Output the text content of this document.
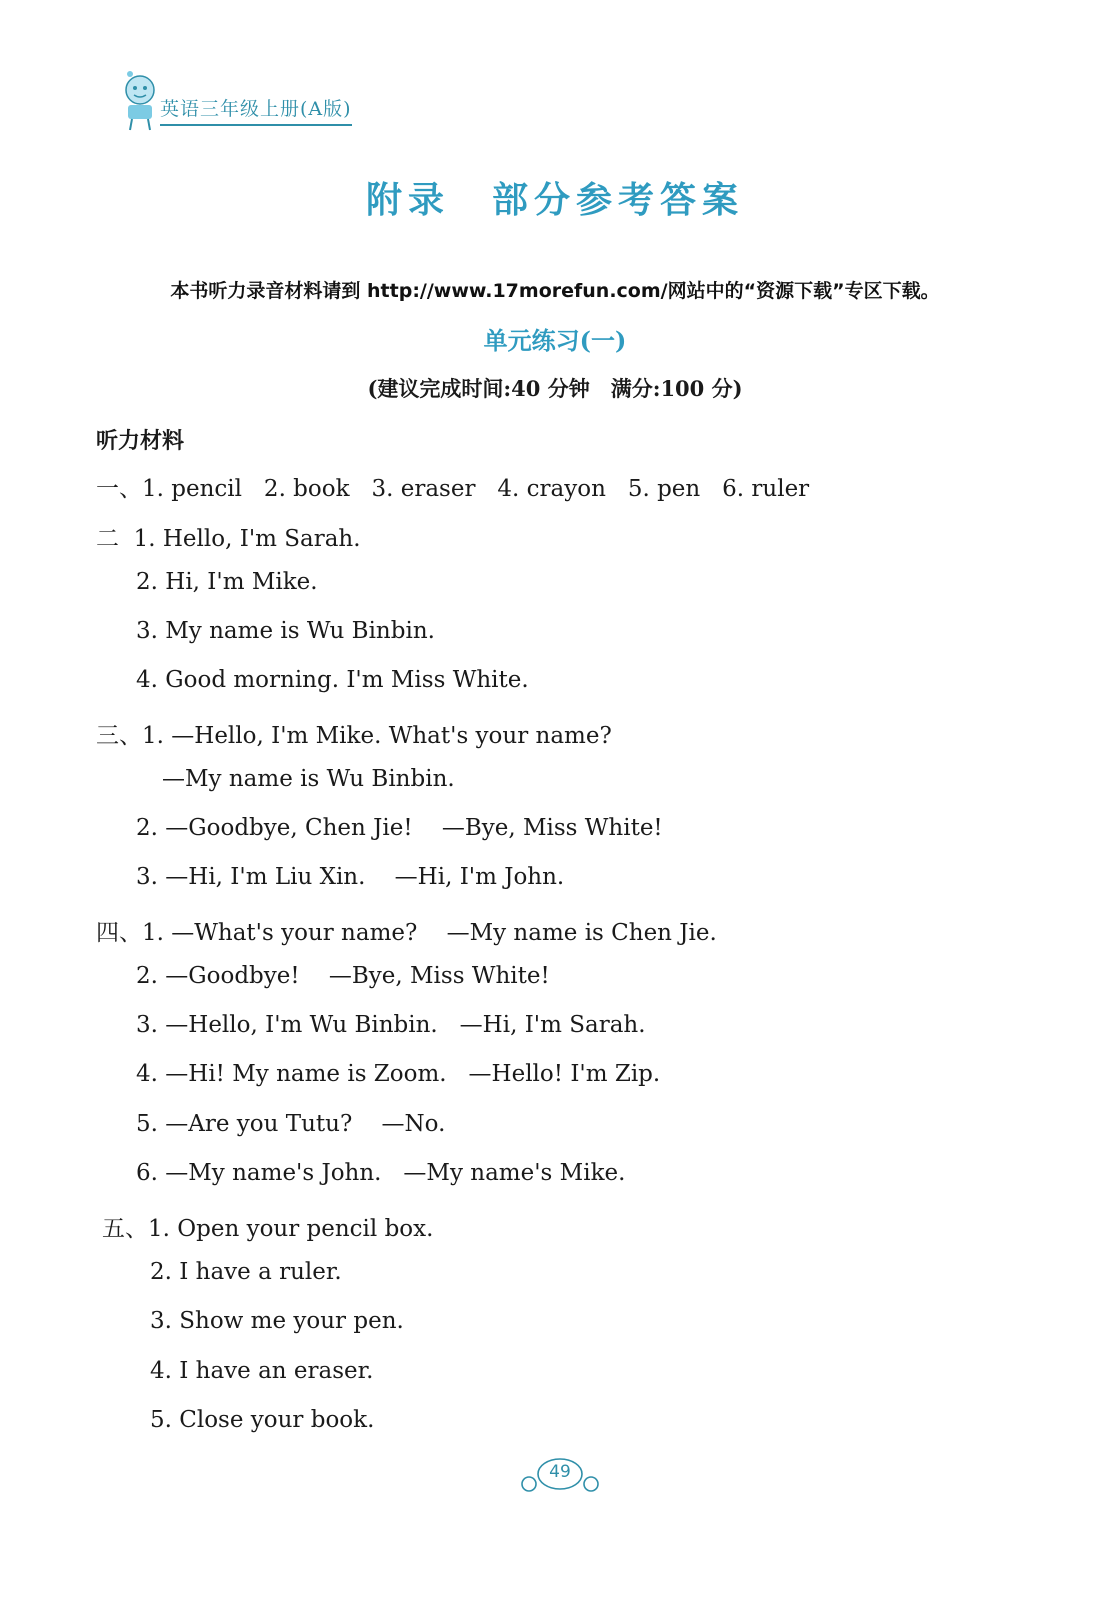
英语三年级上册(A版)
附录　部分参考答案
本书听力录音材料请到 http://www.17morefun.com/网站中的“资源下载”专区下载。
单元练习(一)
(建议完成时间:40 分钟　满分:100 分)
听力材料
一、1. pencil   2. book   3. eraser   4. crayon   5. pen   6. ruler
二  1. Hello, I'm Sarah.
2. Hi, I'm Mike.
3. My name is Wu Binbin.
4. Good morning. I'm Miss White.
三、1. —Hello, I'm Mike. What's your name?
—My name is Wu Binbin.
2. —Goodbye, Chen Jie!    —Bye, Miss White!
3. —Hi, I'm Liu Xin.    —Hi, I'm John.
四、1. —What's your name?    —My name is Chen Jie.
2. —Goodbye!    —Bye, Miss White!
3. —Hello, I'm Wu Binbin.   —Hi, I'm Sarah.
4. —Hi! My name is Zoom.   —Hello! I'm Zip.
5. —Are you Tutu?    —No.
6. —My name's John.   —My name's Mike.
五、1. Open your pencil box.
2. I have a ruler.
3. Show me your pen.
4. I have an eraser.
5. Close your book.
49
